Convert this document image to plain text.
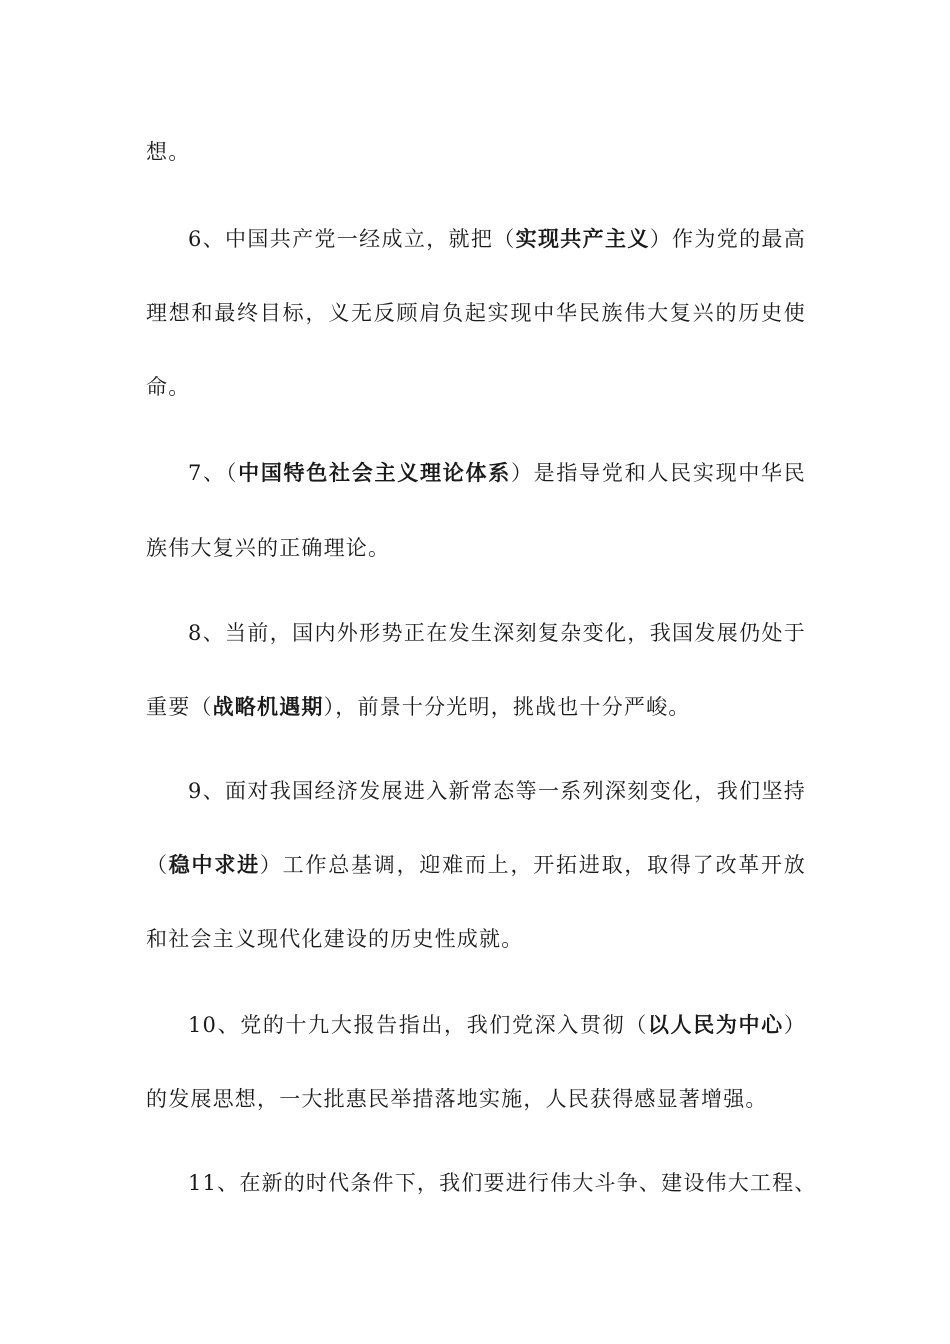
想。
6、中国共产党一经成立，就把（实现共产主义）作为党的最高
理想和最终目标，义无反顾肩负起实现中华民族伟大复兴的历史使
命。
7、（中国特色社会主义理论体系）是指导党和人民实现中华民
族伟大复兴的正确理论。
8、当前，国内外形势正在发生深刻复杂变化，我国发展仍处于
重要（战略机遇期），前景十分光明，挑战也十分严峻。
9、面对我国经济发展进入新常态等一系列深刻变化，我们坚持
（稳中求进）工作总基调，迎难而上，开拓进取，取得了改革开放
和社会主义现代化建设的历史性成就。
10、党的十九大报告指出，我们党深入贯彻（以人民为中心）
的发展思想，一大批惠民举措落地实施，人民获得感显著增强。
11、在新的时代条件下，我们要进行伟大斗争、建设伟大工程、
